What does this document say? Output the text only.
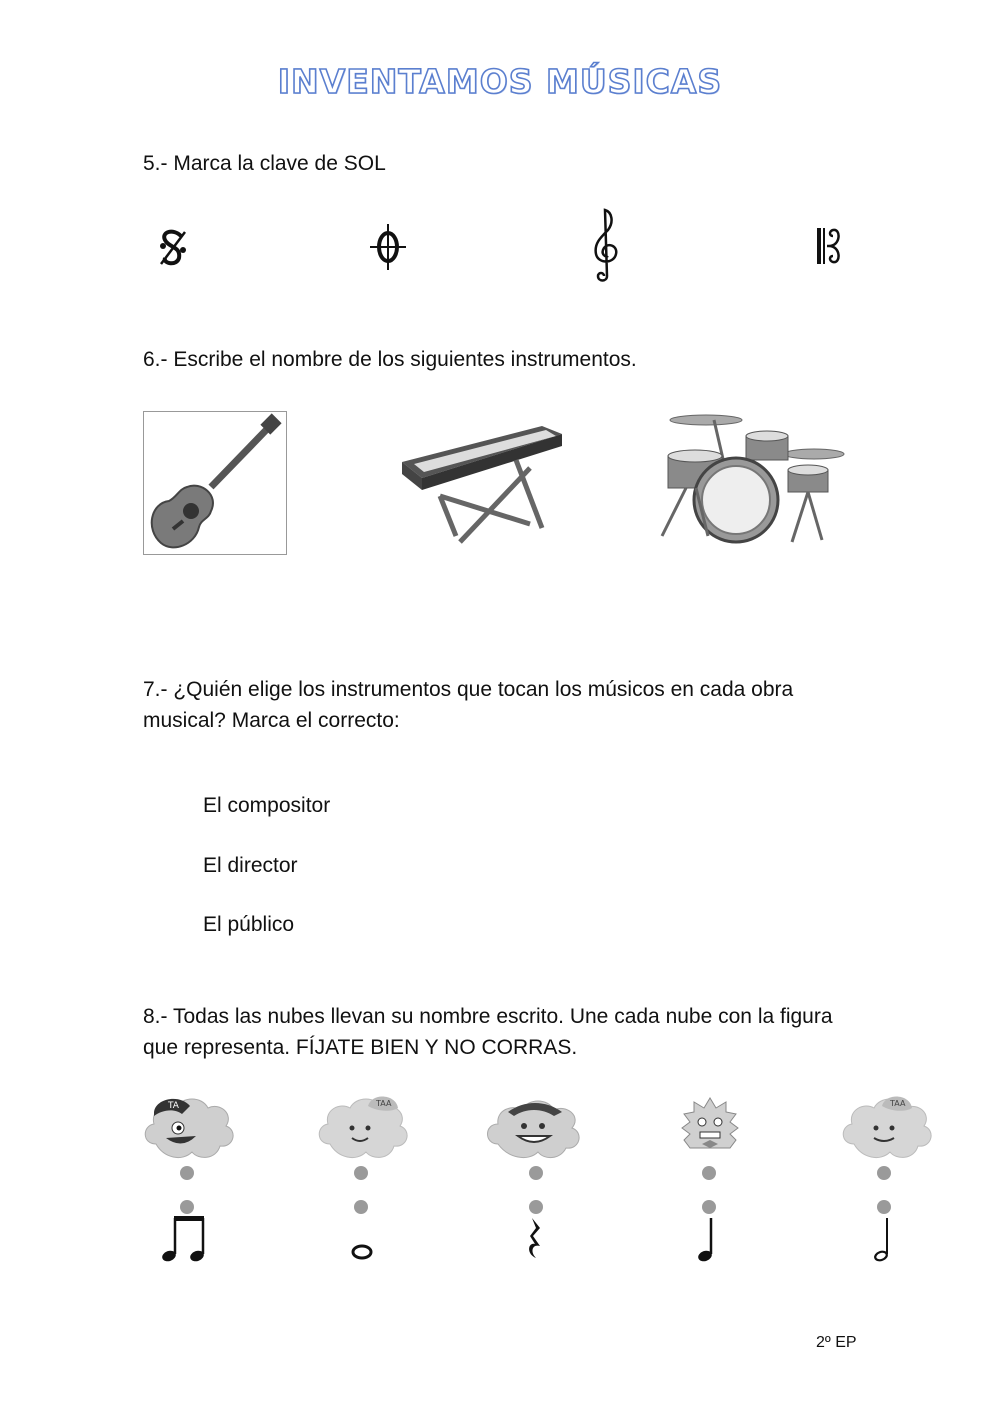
INVENTAMOS MÚSICAS
5.- Marca la clave de SOL
6.- Escribe el nombre de los siguientes instrumentos.
7.- ¿Quién elige los instrumentos que tocan los músicos en cada obra musical? Marca el correcto:
El compositor
El director
El público
8.- Todas las nubes llevan su nombre escrito. Une cada nube con la figura que representa. FÍJATE BIEN Y NO CORRAS.
TA	TAA	TAA
2º EP
